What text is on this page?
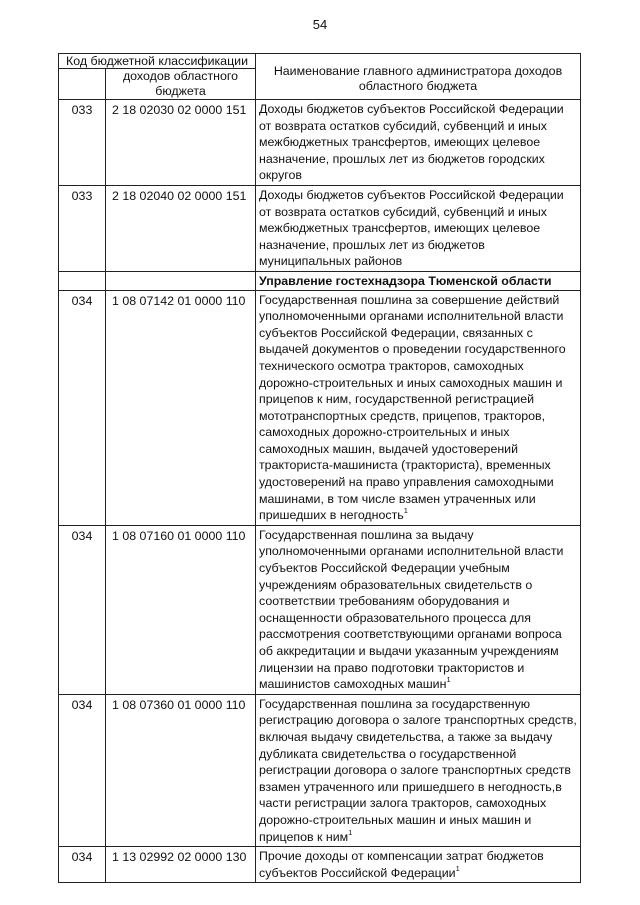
54
Код бюджетной классификации		Наименование главного администратора доходов областного бюджета
	доходов областного бюджета	
033	2 18 02030 02 0000 151	Доходы бюджетов субъектов Российской Федерации от возврата остатков субсидий, субвенций и иных межбюджетных трансфертов, имеющих целевое назначение, прошлых лет из бюджетов городских округов
033	2 18 02040 02 0000 151	Доходы бюджетов субъектов Российской Федерации от возврата остатков субсидий, субвенций и иных межбюджетных трансфертов, имеющих целевое назначение, прошлых лет из бюджетов муниципальных районов
		Управление гостехнадзора Тюменской области
034	1 08 07142 01 0000 110	Государственная пошлина за совершение действий уполномоченными органами исполнительной власти субъектов Российской Федерации, связанных с выдачей документов о проведении государственного технического осмотра тракторов, самоходных дорожно-строительных и иных самоходных машин и прицепов к ним, государственной регистрацией мототранспортных средств, прицепов, тракторов, самоходных дорожно-строительных и иных самоходных машин, выдачей удостоверений тракториста-машиниста (тракториста), временных удостоверений на право управления самоходными машинами, в том числе взамен утраченных или пришедших в негодность$^1$
034	1 08 07160 01 0000 110	Государственная пошлина за выдачу уполномоченными органами исполнительной власти субъектов Российской Федерации учебным учреждениям образовательных свидетельств о соответствии требованиям оборудования и оснащенности образовательного процесса для рассмотрения соответствующими органами вопроса об аккредитации и выдачи указанным учреждениям лицензии на право подготовки трактористов и машинистов самоходных машин$^1$
034	1 08 07360 01 0000 110	Государственная пошлина за государственную регистрацию договора о залоге транспортных средств, включая выдачу свидетельства, а также за выдачу дубликата свидетельства о государственной регистрации договора о залоге транспортных средств взамен утраченного или пришедшего в негодность,в части регистрации залога тракторов, самоходных дорожно-строительных машин и иных машин и прицепов к ним$^1$
034	1 13 02992 02 0000 130	Прочие доходы от компенсации затрат бюджетов субъектов Российской Федерации$^1$
